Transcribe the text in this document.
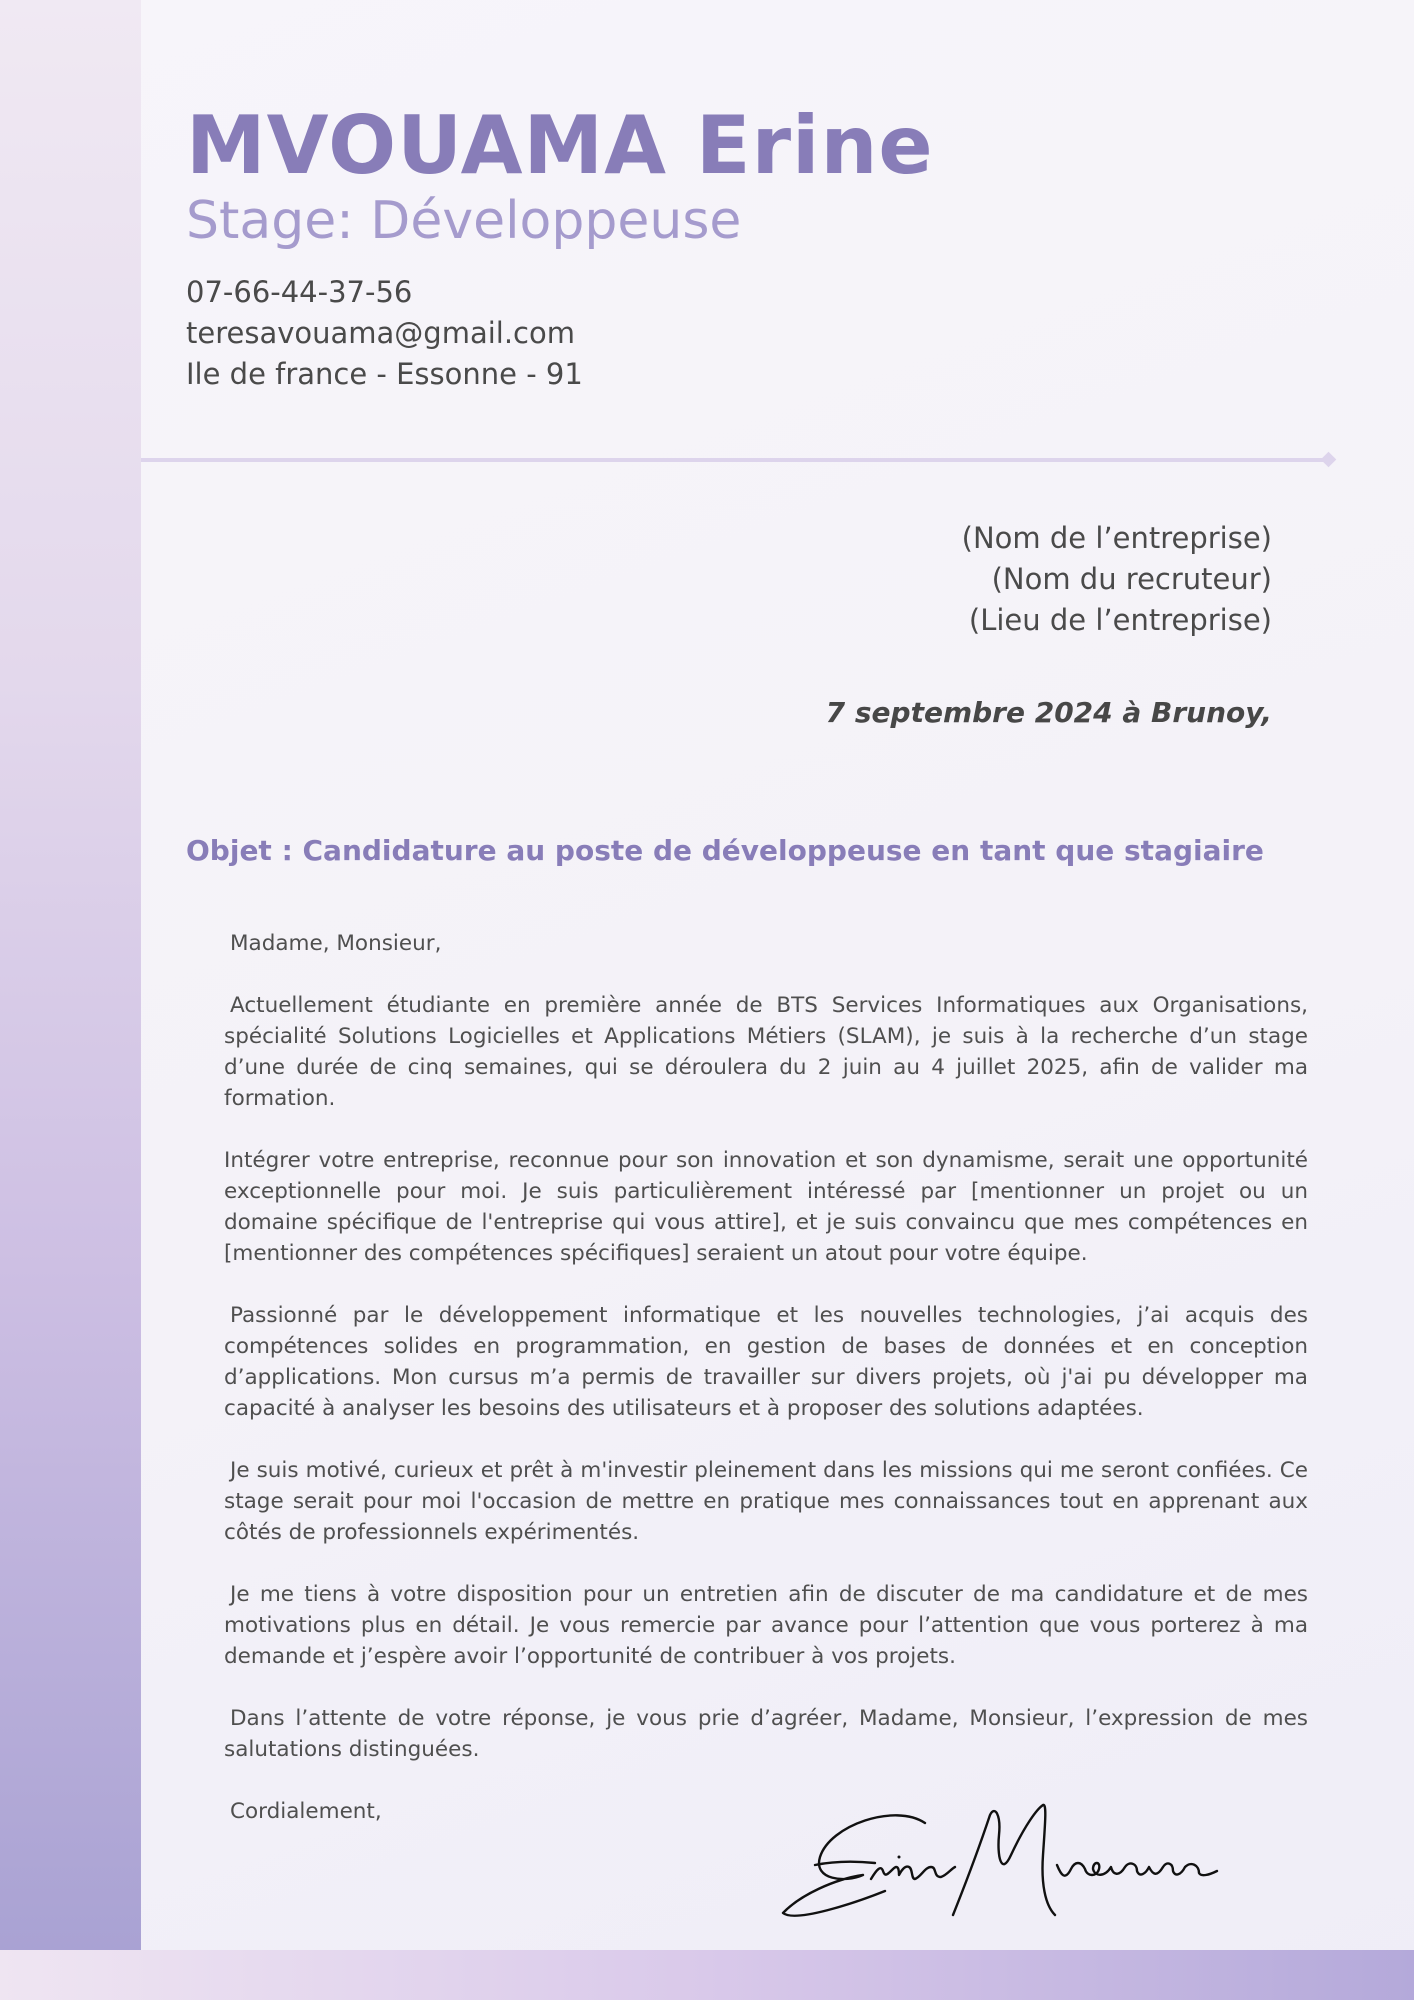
MVOUAMA Erine
Stage: Développeuse
07-66-44-37-56
teresavouama@gmail.com
Ile de france - Essonne - 91
(Nom de l’entreprise)
(Nom du recruteur)
(Lieu de l’entreprise)
7 septembre 2024 à Brunoy,
Objet : Candidature au poste de développeuse en tant que stagiaire

Madame, Monsieur,

Actuellement étudiante en première année de BTS Services Informatiques aux Organisations, spécialité Solutions Logicielles et Applications Métiers (SLAM), je suis à la recherche d’un stage d’une durée de cinq semaines, qui se déroulera du 2 juin au 4 juillet 2025, afin de valider ma formation.

Intégrer votre entreprise, reconnue pour son innovation et son dynamisme, serait une opportunité exceptionnelle pour moi. Je suis particulièrement intéressé par [mentionner un projet ou un domaine spécifique de l'entreprise qui vous attire], et je suis convaincu que mes compétences en [mentionner des compétences spécifiques] seraient un atout pour votre équipe.

Passionné par le développement informatique et les nouvelles technologies, j’ai acquis des compétences solides en programmation, en gestion de bases de données et en conception d’applications. Mon cursus m’a permis de travailler sur divers projets, où j'ai pu développer ma capacité à analyser les besoins des utilisateurs et à proposer des solutions adaptées.

Je suis motivé, curieux et prêt à m'investir pleinement dans les missions qui me seront confiées. Ce stage serait pour moi l'occasion de mettre en pratique mes connaissances tout en apprenant aux côtés de professionnels expérimentés.

Je me tiens à votre disposition pour un entretien afin de discuter de ma candidature et de mes motivations plus en détail. Je vous remercie par avance pour l’attention que vous porterez à ma demande et j’espère avoir l’opportunité de contribuer à vos projets.

Dans l’attente de votre réponse, je vous prie d’agréer, Madame, Monsieur, l’expression de mes salutations distinguées.

Cordialement,
